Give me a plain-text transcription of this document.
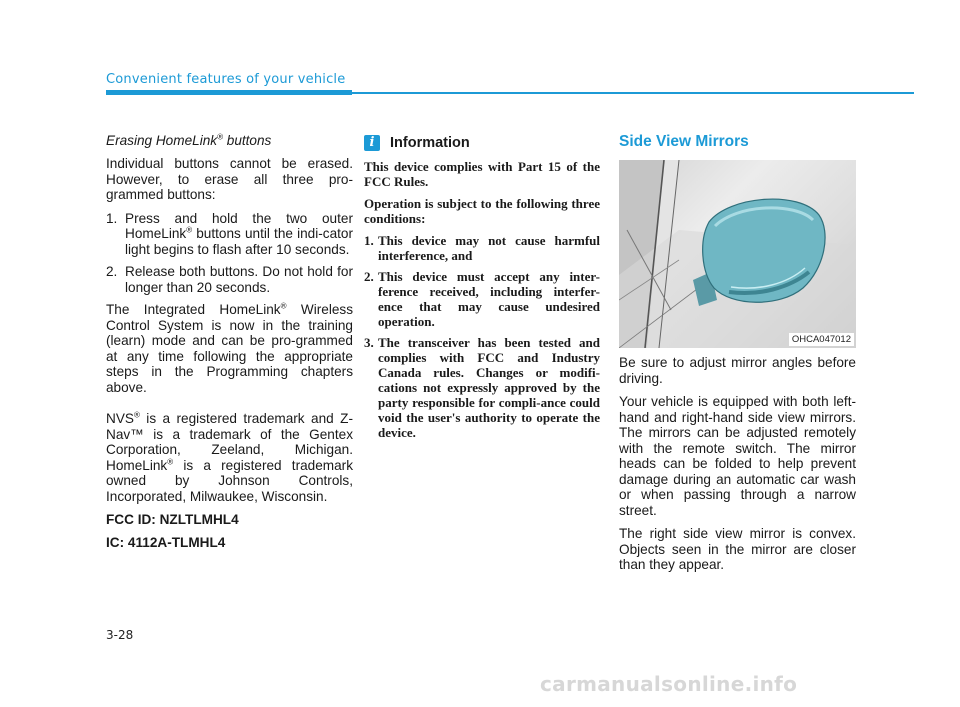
Convenient features of your vehicle
Erasing HomeLink® buttons

Individual buttons cannot be erased. However, to erase all three pro-grammed buttons:

1. Press and hold the two outer HomeLink® buttons until the indi-cator light begins to flash after 10 seconds.
2. Release both buttons. Do not hold for longer than 20 seconds.

The Integrated HomeLink® Wireless Control System is now in the training (learn) mode and can be pro-grammed at any time following the appropriate steps in the Programming chapters above.

NVS® is a registered trademark and Z-Nav™ is a trademark of the Gentex Corporation, Zeeland, Michigan. HomeLink® is a registered trademark owned by Johnson Controls, Incorporated, Milwaukee, Wisconsin.

FCC ID: NZLTLMHL4
IC: 4112A-TLMHL4
i	Information

This device complies with Part 15 of the FCC Rules.

Operation is subject to the following three conditions:

1. This device may not cause harmful interference, and
2. This device must accept any inter-ference received, including interfer-ence that may cause undesired operation.
3. The transceiver has been tested and complies with FCC and Industry Canada rules. Changes or modifi-cations not expressly approved by the party responsible for compli-ance could void the user's authority to operate the device.
Side View Mirrors
OHCA047012

Be sure to adjust mirror angles before driving.

Your vehicle is equipped with both left-hand and right-hand side view mirrors. The mirrors can be adjusted remotely with the remote switch. The mirror heads can be folded to help prevent damage during an automatic car wash or when passing through a narrow street.

The right side view mirror is convex. Objects seen in the mirror are closer than they appear.

3-28
carmanualsonline.info
